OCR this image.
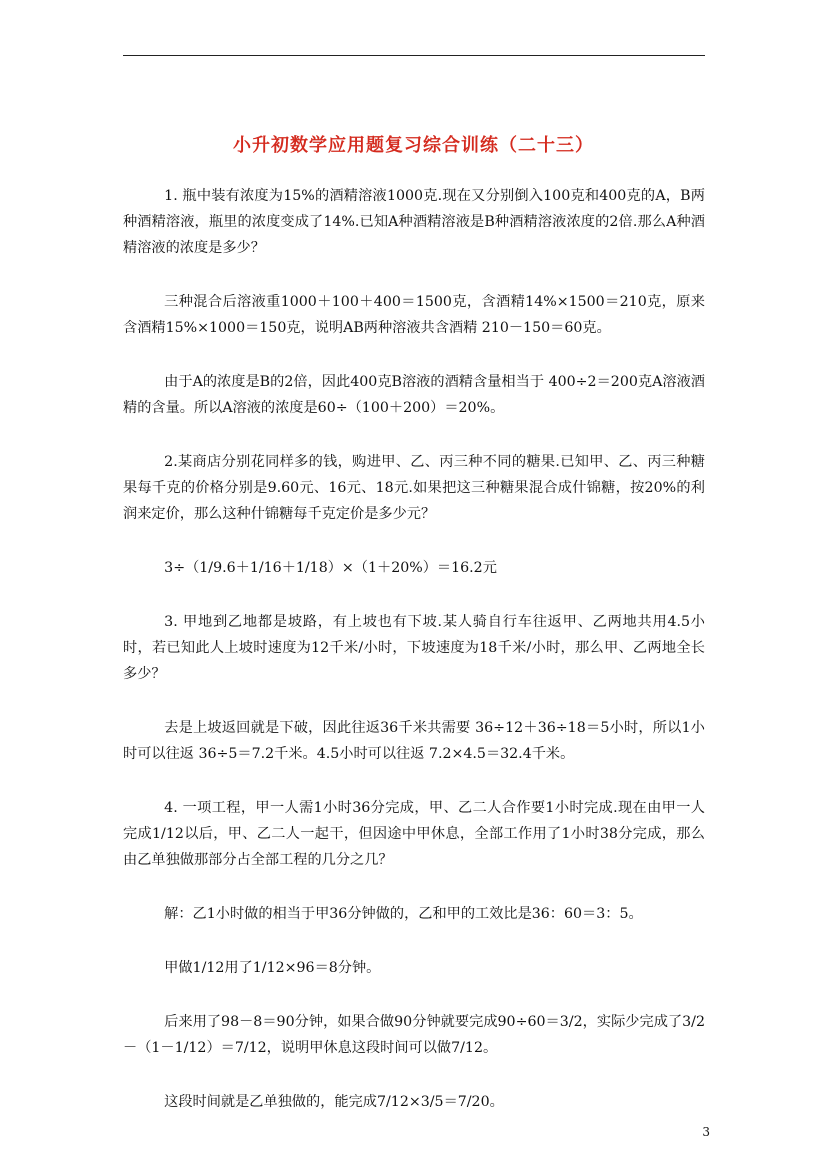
小升初数学应用题复习综合训练（二十三）

1. 瓶中装有浓度为15%的酒精溶液1000克.现在又分别倒入100克和400克的A，B两种酒精溶液，瓶里的浓度变成了14%.已知A种酒精溶液是B种酒精溶液浓度的2倍.那么A种酒精溶液的浓度是多少？

三种混合后溶液重1000＋100＋400＝1500克，含酒精14%×1500＝210克，原来含酒精15%×1000＝150克，说明AB两种溶液共含酒精 210－150＝60克。

由于A的浓度是B的2倍，因此400克B溶液的酒精含量相当于 400÷2＝200克A溶液酒精的含量。所以A溶液的浓度是60÷（100＋200）＝20%。

2.某商店分别花同样多的钱，购进甲、乙、丙三种不同的糖果.已知甲、乙、丙三种糖果每千克的价格分别是9.60元、16元、18元.如果把这三种糖果混合成什锦糖，按20%的利润来定价，那么这种什锦糖每千克定价是多少元？

3÷（1/9.6＋1/16＋1/18）×（1＋20%）＝16.2元

3. 甲地到乙地都是坡路，有上坡也有下坡.某人骑自行车往返甲、乙两地共用4.5小时，若已知此人上坡时速度为12千米/小时，下坡速度为18千米/小时，那么甲、乙两地全长多少？

去是上坡返回就是下破，因此往返36千米共需要 36÷12＋36÷18＝5小时，所以1小时可以往返 36÷5＝7.2千米。4.5小时可以往返 7.2×4.5＝32.4千米。

4. 一项工程，甲一人需1小时36分完成，甲、乙二人合作要1小时完成.现在由甲一人完成1/12以后，甲、乙二人一起干，但因途中甲休息，全部工作用了1小时38分完成，那么由乙单独做那部分占全部工程的几分之几？

解：乙1小时做的相当于甲36分钟做的，乙和甲的工效比是36：60＝3：5。

甲做1/12用了1/12×96＝8分钟。

后来用了98－8＝90分钟，如果合做90分钟就要完成90÷60＝3/2，实际少完成了3/2－（1－1/12）＝7/12，说明甲休息这段时间可以做7/12。

这段时间就是乙单独做的，能完成7/12×3/5＝7/20。

3
